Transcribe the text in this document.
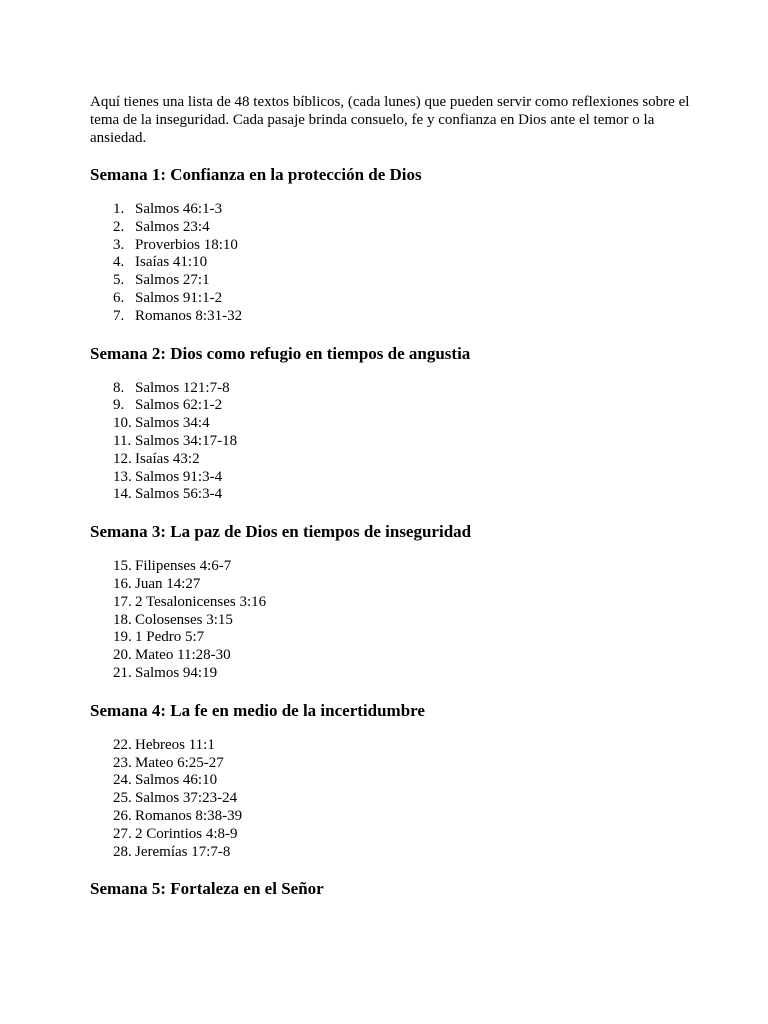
Aquí tienes una lista de 48 textos bíblicos, (cada lunes) que pueden servir como reflexiones sobre el tema de la inseguridad. Cada pasaje brinda consuelo, fe y confianza en Dios ante el temor o la ansiedad.

Semana 1: Confianza en la protección de Dios
1. Salmos 46:1-3
2. Salmos 23:4
3. Proverbios 18:10
4. Isaías 41:10
5. Salmos 27:1
6. Salmos 91:1-2
7. Romanos 8:31-32
Semana 2: Dios como refugio en tiempos de angustia
8. Salmos 121:7-8
9. Salmos 62:1-2
10. Salmos 34:4
11. Salmos 34:17-18
12. Isaías 43:2
13. Salmos 91:3-4
14. Salmos 56:3-4
Semana 3: La paz de Dios en tiempos de inseguridad
15. Filipenses 4:6-7
16. Juan 14:27
17. 2 Tesalonicenses 3:16
18. Colosenses 3:15
19. 1 Pedro 5:7
20. Mateo 11:28-30
21. Salmos 94:19
Semana 4: La fe en medio de la incertidumbre
22. Hebreos 11:1
23. Mateo 6:25-27
24. Salmos 46:10
25. Salmos 37:23-24
26. Romanos 8:38-39
27. 2 Corintios 4:8-9
28. Jeremías 17:7-8
Semana 5: Fortaleza en el Señor
